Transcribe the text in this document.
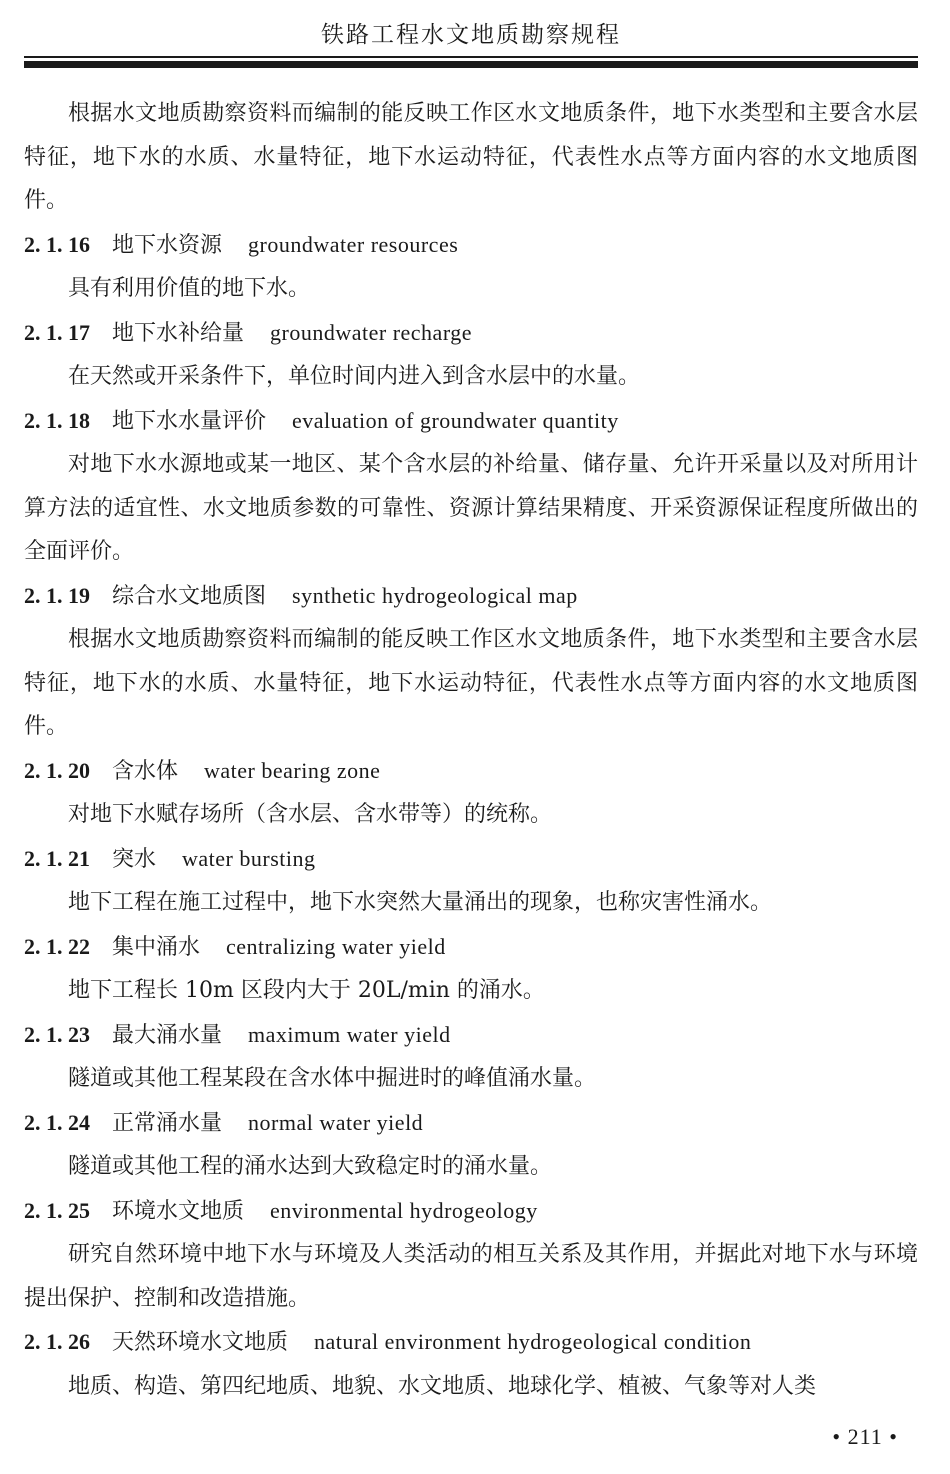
铁路工程水文地质勘察规程
根据水文地质勘察资料而编制的能反映工作区水文地质条件，地下水类型和主要含水层特征，地下水的水质、水量特征，地下水运动特征，代表性水点等方面内容的水文地质图件。
2. 1. 16 地下水资源 groundwater resources
具有利用价值的地下水。
2. 1. 17 地下水补给量 groundwater recharge
在天然或开采条件下，单位时间内进入到含水层中的水量。
2. 1. 18 地下水水量评价 evaluation of groundwater quantity
对地下水水源地或某一地区、某个含水层的补给量、储存量、允许开采量以及对所用计算方法的适宜性、水文地质参数的可靠性、资源计算结果精度、开采资源保证程度所做出的全面评价。
2. 1. 19 综合水文地质图 synthetic hydrogeological map
根据水文地质勘察资料而编制的能反映工作区水文地质条件，地下水类型和主要含水层特征，地下水的水质、水量特征，地下水运动特征，代表性水点等方面内容的水文地质图件。
2. 1. 20 含水体 water bearing zone
对地下水赋存场所（含水层、含水带等）的统称。
2. 1. 21 突水 water bursting
地下工程在施工过程中，地下水突然大量涌出的现象，也称灾害性涌水。
2. 1. 22 集中涌水 centralizing water yield
地下工程长 10m 区段内大于 20L/min 的涌水。
2. 1. 23 最大涌水量 maximum water yield
隧道或其他工程某段在含水体中掘进时的峰值涌水量。
2. 1. 24 正常涌水量 normal water yield
隧道或其他工程的涌水达到大致稳定时的涌水量。
2. 1. 25 环境水文地质 environmental hydrogeology
研究自然环境中地下水与环境及人类活动的相互关系及其作用，并据此对地下水与环境提出保护、控制和改造措施。
2. 1. 26 天然环境水文地质 natural environment hydrogeological condition
地质、构造、第四纪地质、地貌、水文地质、地球化学、植被、气象等对人类
• 211 •
